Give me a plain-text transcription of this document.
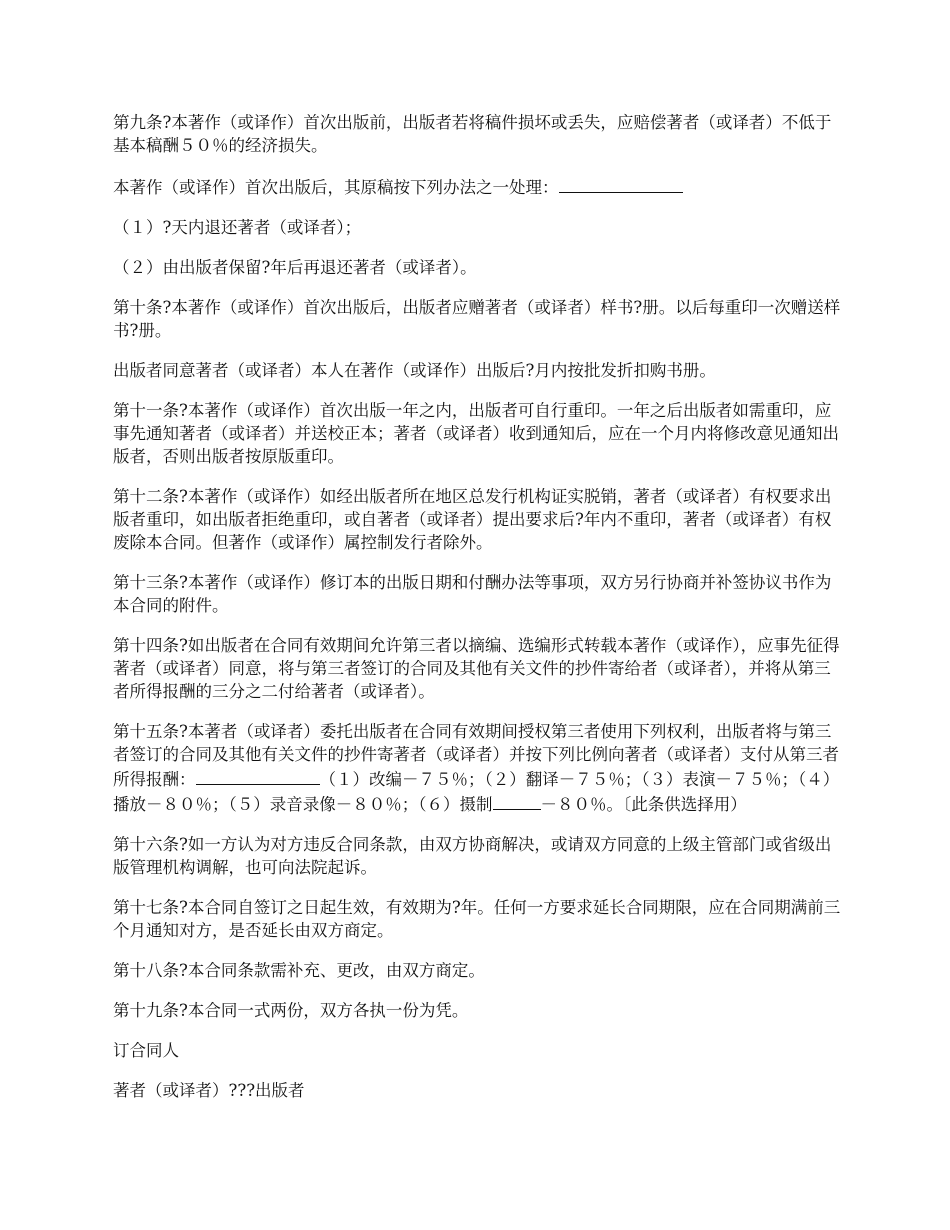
第九条?本著作（或译作）首次出版前，出版者若将稿件损坏或丢失，应赔偿著者（或译者）不低于基本稿酬５０％的经济损失。

本著作（或译作）首次出版后，其原稿按下列办法之一处理：

（１）?天内退还著者（或译者）；

（２）由出版者保留?年后再退还著者（或译者）。

第十条?本著作（或译作）首次出版后，出版者应赠著者（或译者）样书?册。以后每重印一次赠送样书?册。

出版者同意著者（或译者）本人在著作（或译作）出版后?月内按批发折扣购书册。

第十一条?本著作（或译作）首次出版一年之内，出版者可自行重印。一年之后出版者如需重印，应事先通知著者（或译者）并送校正本；著者（或译者）收到通知后，应在一个月内将修改意见通知出版者，否则出版者按原版重印。

第十二条?本著作（或译作）如经出版者所在地区总发行机构证实脱销，著者（或译者）有权要求出版者重印，如出版者拒绝重印，或自著者（或译者）提出要求后?年内不重印，著者（或译者）有权废除本合同。但著作（或译作）属控制发行者除外。

第十三条?本著作（或译作）修订本的出版日期和付酬办法等事项，双方另行协商并补签协议书作为本合同的附件。

第十四条?如出版者在合同有效期间允许第三者以摘编、选编形式转载本著作（或译作），应事先征得著者（或译者）同意，将与第三者签订的合同及其他有关文件的抄件寄给者（或译者），并将从第三者所得报酬的三分之二付给著者（或译者）。

第十五条?本著者（或译者）委托出版者在合同有效期间授权第三者使用下列权利，出版者将与第三者签订的合同及其他有关文件的抄件寄著者（或译者）并按下列比例向著者（或译者）支付从第三者所得报酬：	（１）改编－７５％；（２）翻译－７５％；（３）表演－７５％；（４）播放－８０％；（５）录音录像－８０％；（６）摄制	－８０％。〔此条供选择用）

第十六条?如一方认为对方违反合同条款，由双方协商解决，或请双方同意的上级主管部门或省级出版管理机构调解，也可向法院起诉。

第十七条?本合同自签订之日起生效，有效期为?年。任何一方要求延长合同期限，应在合同期满前三个月通知对方，是否延长由双方商定。

第十八条?本合同条款需补充、更改，由双方商定。

第十九条?本合同一式两份，双方各执一份为凭。

订合同人

著者（或译者）???出版者
